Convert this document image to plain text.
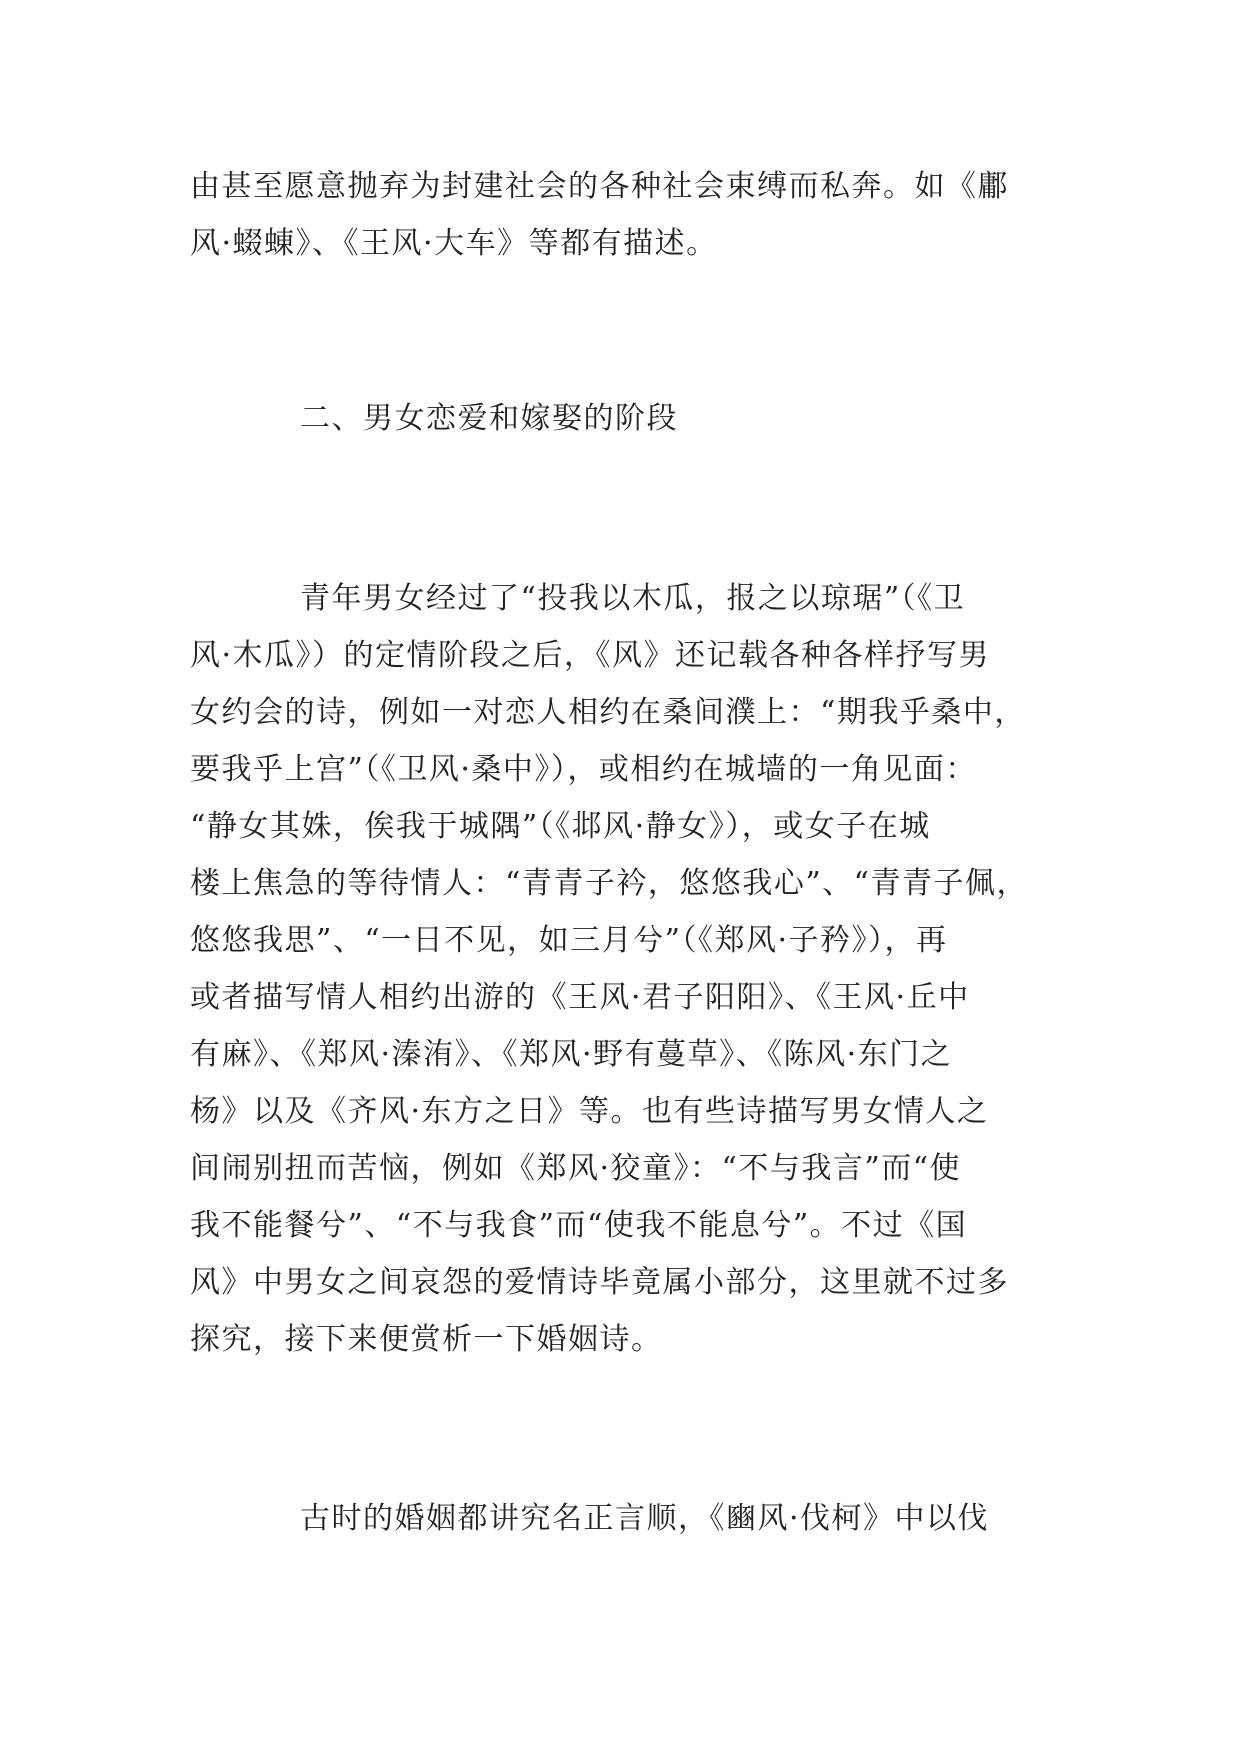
由甚至愿意抛弃为封建社会的各种社会束缚而私奔。如《鄘
风·蝃蝀》、《王风·大车》等都有描述。
二、男女恋爱和嫁娶的阶段
青年男女经过了“投我以木瓜，报之以琼琚”（《卫
风·木瓜》）的定情阶段之后，《风》还记载各种各样抒写男
女约会的诗，例如一对恋人相约在桑间濮上：“期我乎桑中，
要我乎上宫”（《卫风·桑中》），或相约在城墙的一角见面：
“静女其姝，俟我于城隅”（《邶风·静女》），或女子在城
楼上焦急的等待情人：“青青子衿，悠悠我心”、“青青子佩，
悠悠我思”、“一日不见，如三月兮”（《郑风·子矜》），再
或者描写情人相约出游的《王风·君子阳阳》、《王风·丘中
有麻》、《郑风·溱洧》、《郑风·野有蔓草》、《陈风·东门之
杨》以及《齐风·东方之日》等。也有些诗描写男女情人之
间闹别扭而苦恼，例如《郑风·狡童》：“不与我言”而“使
我不能餐兮”、“不与我食”而“使我不能息兮”。不过《国
风》中男女之间哀怨的爱情诗毕竟属小部分，这里就不过多
探究，接下来便赏析一下婚姻诗。
古时的婚姻都讲究名正言顺，《豳风·伐柯》中以伐
